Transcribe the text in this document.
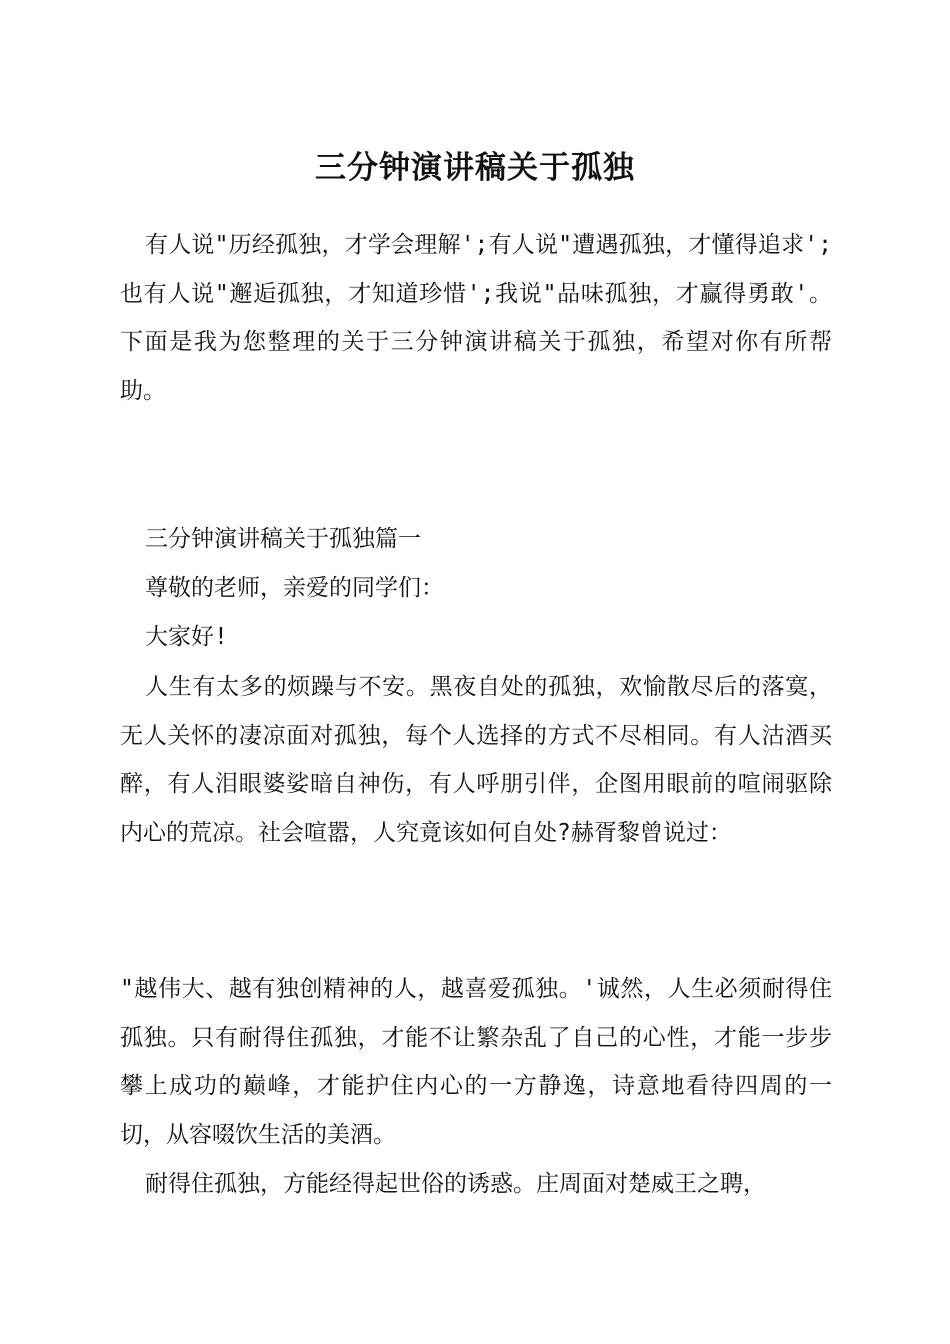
三分钟演讲稿关于孤独
有人说"历经孤独，才学会理解';有人说"遭遇孤独，才懂得追求';也有人说"邂逅孤独，才知道珍惜';我说"品味孤独，才赢得勇敢'。下面是我为您整理的关于三分钟演讲稿关于孤独，希望对你有所帮助。
三分钟演讲稿关于孤独篇一
尊敬的老师，亲爱的同学们：
大家好!
人生有太多的烦躁与不安。黑夜自处的孤独，欢愉散尽后的落寞，无人关怀的凄凉面对孤独，每个人选择的方式不尽相同。有人沽酒买醉，有人泪眼婆娑暗自神伤，有人呼朋引伴，企图用眼前的喧闹驱除内心的荒凉。社会喧嚣，人究竟该如何自处?赫胥黎曾说过：
"越伟大、越有独创精神的人，越喜爱孤独。'诚然，人生必须耐得住孤独。只有耐得住孤独，才能不让繁杂乱了自己的心性，才能一步步攀上成功的巅峰，才能护住内心的一方静逸，诗意地看待四周的一切，从容啜饮生活的美酒。
耐得住孤独，方能经得起世俗的诱惑。庄周面对楚威王之聘，
